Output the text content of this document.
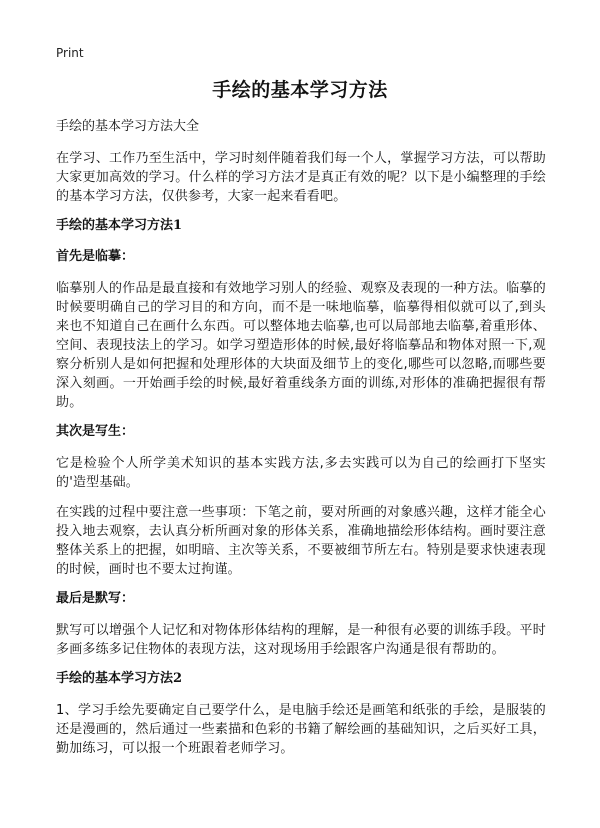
Print
手绘的基本学习方法
手绘的基本学习方法大全

在学习、工作乃至生活中，学习时刻伴随着我们每一个人，掌握学习方法，可以帮助大家更加高效的学习。什么样的学习方法才是真正有效的呢？以下是小编整理的手绘的基本学习方法，仅供参考，大家一起来看看吧。

手绘的基本学习方法1
首先是临摹：

临摹别人的作品是最直接和有效地学习别人的经验、观察及表现的一种方法。临摹的时候要明确自己的学习目的和方向，而不是一味地临摹，临摹得相似就可以了,到头来也不知道自己在画什么东西。可以整体地去临摹,也可以局部地去临摹,着重形体、空间、表现技法上的学习。如学习塑造形体的时候,最好将临摹品和物体对照一下,观察分析别人是如何把握和处理形体的大块面及细节上的变化,哪些可以忽略,而哪些要深入刻画。一开始画手绘的时候,最好着重线条方面的训练,对形体的准确把握很有帮助。

其次是写生：

它是检验个人所学美术知识的基本实践方法,多去实践可以为自己的绘画打下坚实的'造型基础。

在实践的过程中要注意一些事项：下笔之前，要对所画的对象感兴趣，这样才能全心投入地去观察，去认真分析所画对象的形体关系，准确地描绘形体结构。画时要注意整体关系上的把握，如明暗、主次等关系，不要被细节所左右。特别是要求快速表现的时候，画时也不要太过拘谨。

最后是默写：

默写可以增强个人记忆和对物体形体结构的理解，是一种很有必要的训练手段。平时多画多练多记住物体的表现方法，这对现场用手绘跟客户沟通是很有帮助的。

手绘的基本学习方法2

1、学习手绘先要确定自己要学什么，是电脑手绘还是画笔和纸张的手绘，是服装的还是漫画的，然后通过一些素描和色彩的书籍了解绘画的基础知识，之后买好工具，勤加练习，可以报一个班跟着老师学习。
